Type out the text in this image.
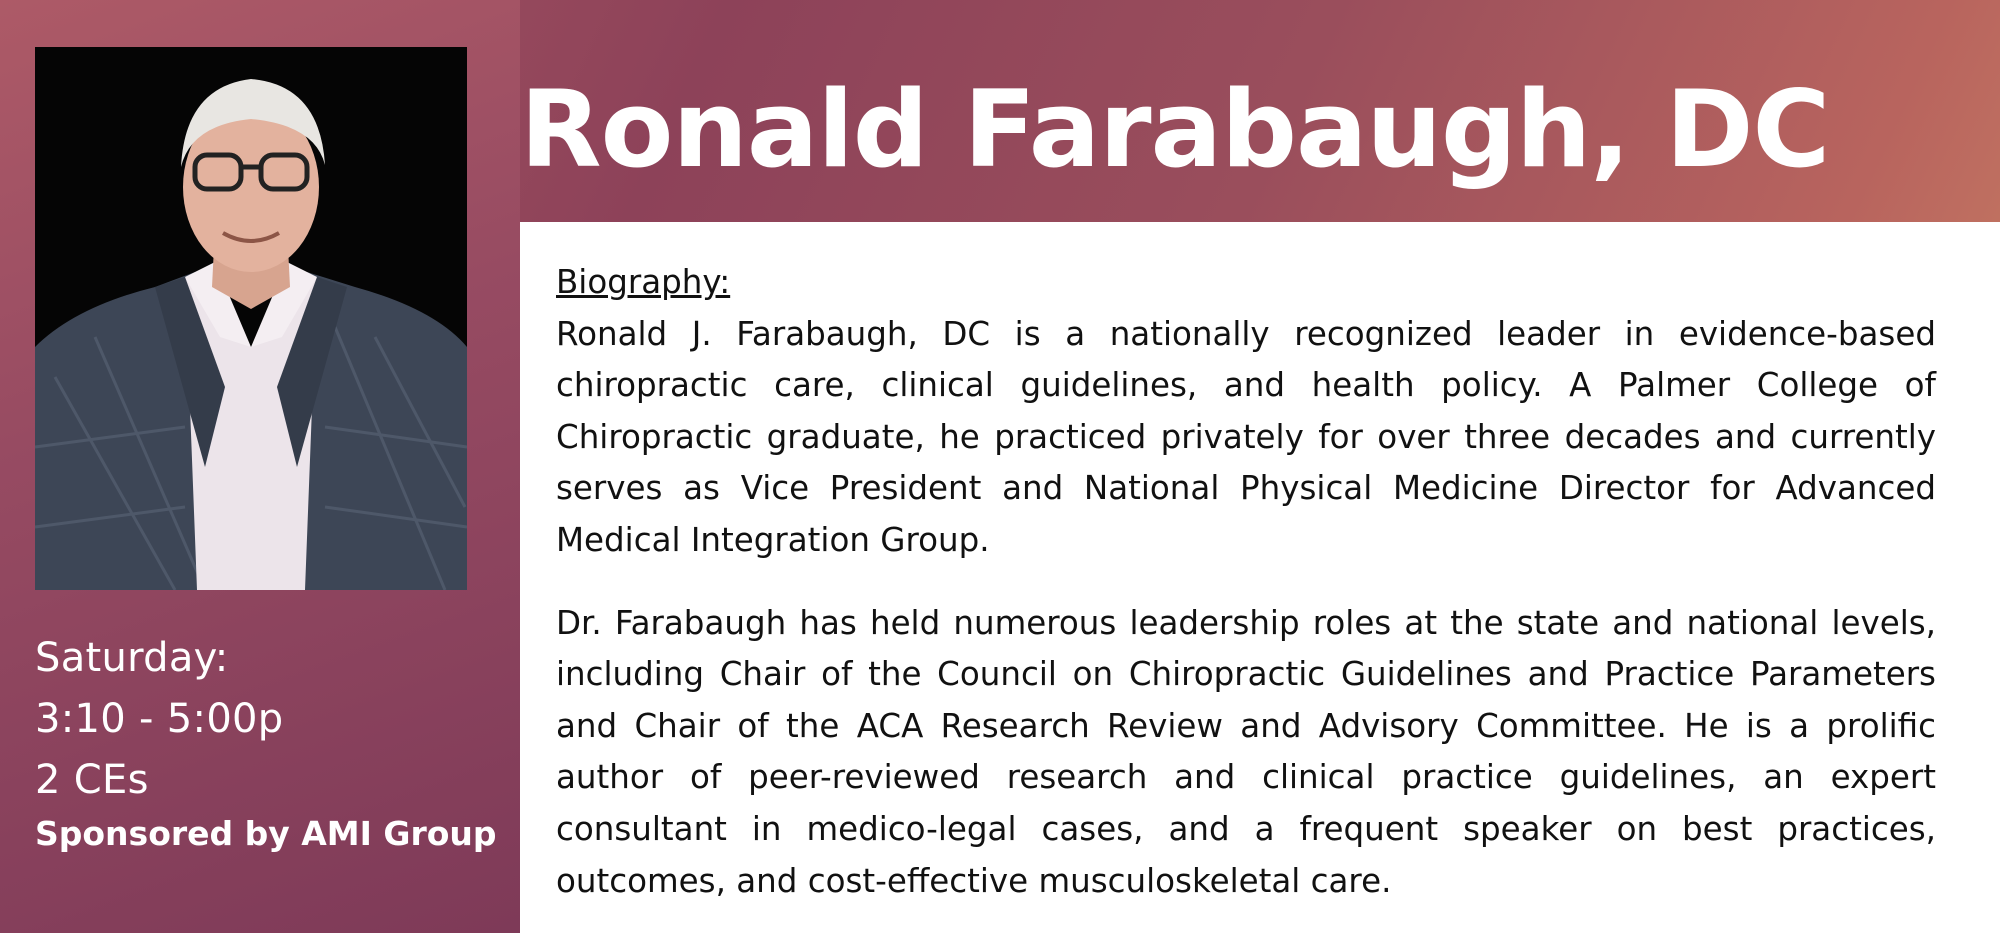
Saturday:
3:10 - 5:00p
2 CEs
Sponsored by AMI Group
Ronald Farabaugh, DC
Biography:

Ronald J. Farabaugh, DC is a nationally recognized leader in evidence-based chiropractic care, clinical guidelines, and health policy. A Palmer College of Chiropractic graduate, he practiced privately for over three decades and currently serves as Vice President and National Physical Medicine Director for Advanced Medical Integration Group.

Dr. Farabaugh has held numerous leadership roles at the state and national levels, including Chair of the Council on Chiropractic Guidelines and Practice Parameters and Chair of the ACA Research Review and Advisory Committee. He is a prolific author of peer-reviewed research and clinical practice guidelines, an expert consultant in medico-legal cases, and a frequent speaker on best practices, outcomes, and cost-effective musculoskeletal care.
